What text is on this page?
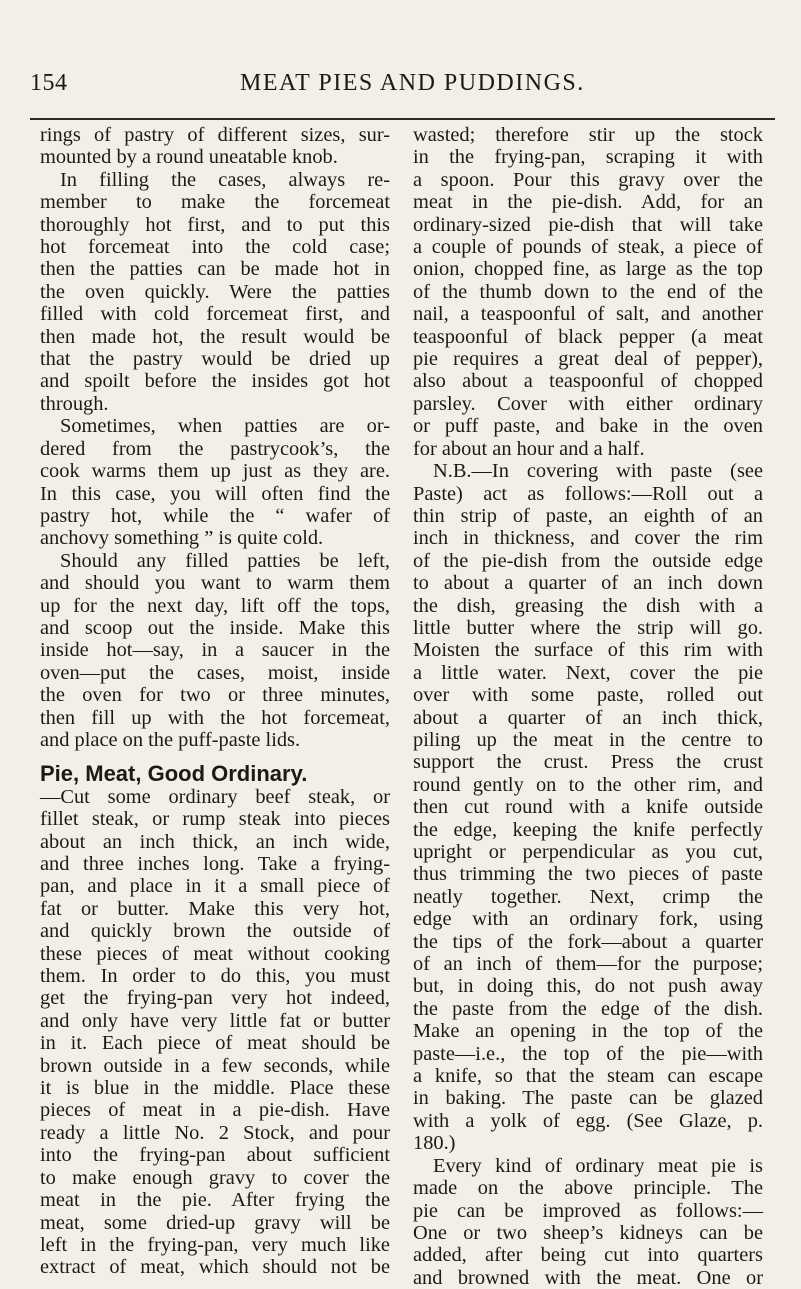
154	MEAT PIES AND PUDDINGS.
rings of pastry of different sizes, sur-
mounted by a round uneatable knob.
In filling the cases, always re-
member to make the forcemeat
thoroughly hot first, and to put this
hot forcemeat into the cold case;
then the patties can be made hot in
the oven quickly. Were the patties
filled with cold forcemeat first, and
then made hot, the result would be
that the pastry would be dried up
and spoilt before the insides got hot
through.
Sometimes, when patties are or-
dered from the pastrycook’s, the
cook warms them up just as they are.
In this case, you will often find the
pastry hot, while the “ wafer of
anchovy something ” is quite cold.
Should any filled patties be left,
and should you want to warm them
up for the next day, lift off the tops,
and scoop out the inside. Make this
inside hot—say, in a saucer in the
oven—put the cases, moist, inside
the oven for two or three minutes,
then fill up with the hot forcemeat,
and place on the puff-paste lids.
Pie, Meat, Good Ordinary.
—Cut some ordinary beef steak, or
fillet steak, or rump steak into pieces
about an inch thick, an inch wide,
and three inches long. Take a frying-
pan, and place in it a small piece of
fat or butter. Make this very hot,
and quickly brown the outside of
these pieces of meat without cooking
them. In order to do this, you must
get the frying-pan very hot indeed,
and only have very little fat or butter
in it. Each piece of meat should be
brown outside in a few seconds, while
it is blue in the middle. Place these
pieces of meat in a pie-dish. Have
ready a little No. 2 Stock, and pour
into the frying-pan about sufficient
to make enough gravy to cover the
meat in the pie. After frying the
meat, some dried-up gravy will be
left in the frying-pan, very much like
extract of meat, which should not be
wasted; therefore stir up the stock
in the frying-pan, scraping it with
a spoon. Pour this gravy over the
meat in the pie-dish. Add, for an
ordinary-sized pie-dish that will take
a couple of pounds of steak, a piece of
onion, chopped fine, as large as the top
of the thumb down to the end of the
nail, a teaspoonful of salt, and another
teaspoonful of black pepper (a meat
pie requires a great deal of pepper),
also about a teaspoonful of chopped
parsley. Cover with either ordinary
or puff paste, and bake in the oven
for about an hour and a half.
N.B.—In covering with paste (see
Paste) act as follows:—Roll out a
thin strip of paste, an eighth of an
inch in thickness, and cover the rim
of the pie-dish from the outside edge
to about a quarter of an inch down
the dish, greasing the dish with a
little butter where the strip will go.
Moisten the surface of this rim with
a little water. Next, cover the pie
over with some paste, rolled out
about a quarter of an inch thick,
piling up the meat in the centre to
support the crust. Press the crust
round gently on to the other rim, and
then cut round with a knife outside
the edge, keeping the knife perfectly
upright or perpendicular as you cut,
thus trimming the two pieces of paste
neatly together. Next, crimp the
edge with an ordinary fork, using
the tips of the fork—about a quarter
of an inch of them—for the purpose;
but, in doing this, do not push away
the paste from the edge of the dish.
Make an opening in the top of the
paste—i.e., the top of the pie—with
a knife, so that the steam can escape
in baking. The paste can be glazed
with a yolk of egg. (See Glaze, p.
180.)
Every kind of ordinary meat pie is
made on the above principle. The
pie can be improved as follows:—
One or two sheep’s kidneys can be
added, after being cut into quarters
and browned with the meat. One or
